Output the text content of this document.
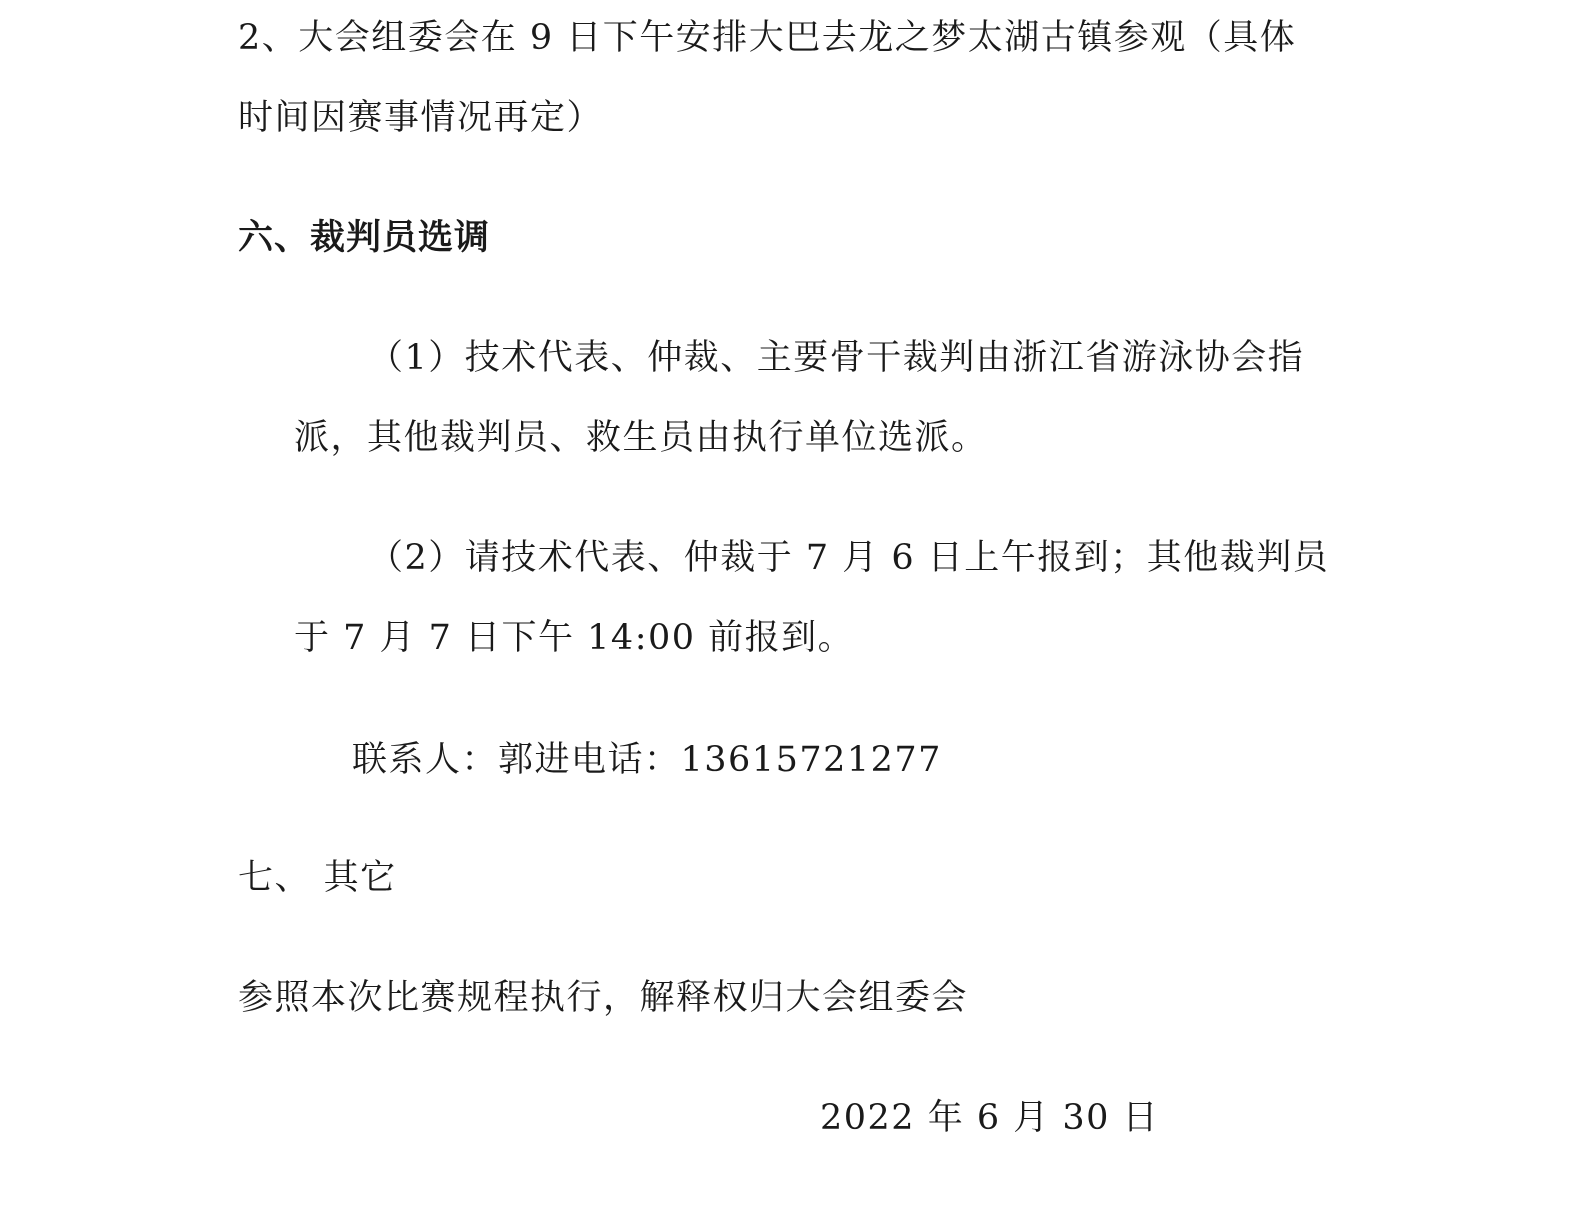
2、大会组委会在 9 日下午安排大巴去龙之梦太湖古镇参观（具体
时间因赛事情况再定）
六、裁判员选调
（1）技术代表、仲裁、主要骨干裁判由浙江省游泳协会指
派，其他裁判员、救生员由执行单位选派。
（2）请技术代表、仲裁于 7 月 6 日上午报到；其他裁判员
于 7 月 7 日下午 14:00 前报到。
联系人：郭进电话：13615721277
七、 其它
参照本次比赛规程执行，解释权归大会组委会
2022 年 6 月 30 日
